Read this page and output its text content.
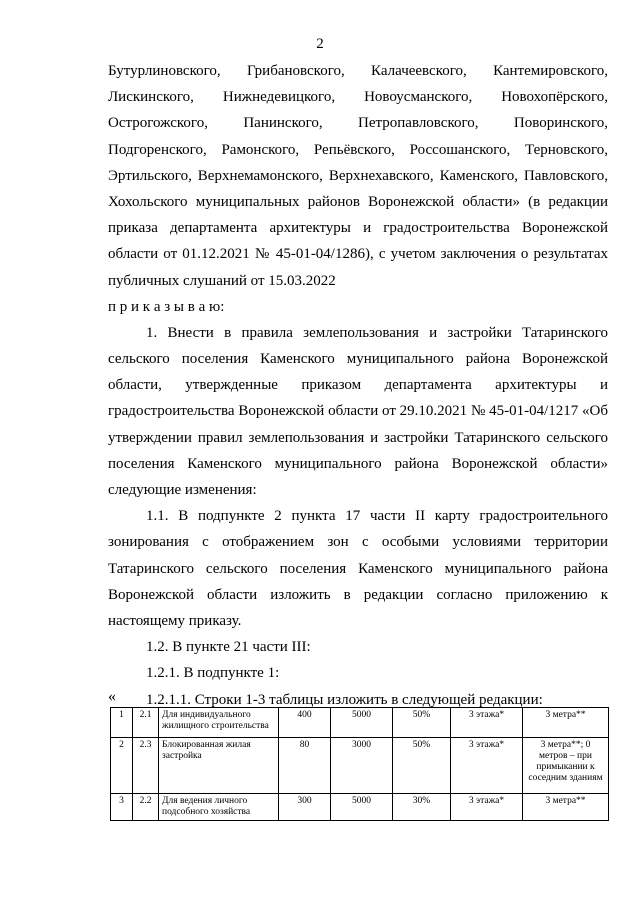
2
Бутурлиновского, Грибановского, Калачеевского, Кантемировского,
Лискинского, Нижнедевицкого, Новоусманского, Новохопёрского,
Острогожского, Панинского, Петропавловского, Поворинского,
Подгоренского, Рамонского, Репьёвского, Россошанского, Терновского,
Эртильского, Верхнемамонского, Верхнехавского, Каменского, Павловского,
Хохольского муниципальных районов Воронежской области» (в редакции
приказа департамента архитектуры и градостроительства Воронежской
области от 01.12.2021 № 45-01-04/1286), с учетом заключения о результатах
публичных слушаний от 15.03.2022
п р и к а з ы в а ю:
1. Внести в правила землепользования и застройки Татаринского
сельского поселения Каменского муниципального района Воронежской
области, утвержденные приказом департамента архитектуры и
градостроительства Воронежской области от 29.10.2021 № 45-01-04/1217 «Об
утверждении правил землепользования и застройки Татаринского сельского
поселения Каменского муниципального района Воронежской области»
следующие изменения:
1.1. В подпункте 2 пункта 17 части II карту градостроительного
зонирования с отображением зон с особыми условиями территории
Татаринского сельского поселения Каменского муниципального района
Воронежской области изложить в редакции согласно приложению к
настоящему приказу.
1.2. В пункте 21 части III:
1.2.1. В подпункте 1:
1.2.1.1. Строки 1-3 таблицы изложить в следующей редакции:
«
1	2.1	Для индивидуального жилищного строительства	400	5000	50%	3 этажа*	3 метра**
2	2.3	Блокированная жилая застройка	80	3000	50%	3 этажа*	3 метра**; 0 метров – при примыкании к соседним зданиям
3	2.2	Для ведения личного подсобного хозяйства	300	5000	30%	3 этажа*	3 метра**
